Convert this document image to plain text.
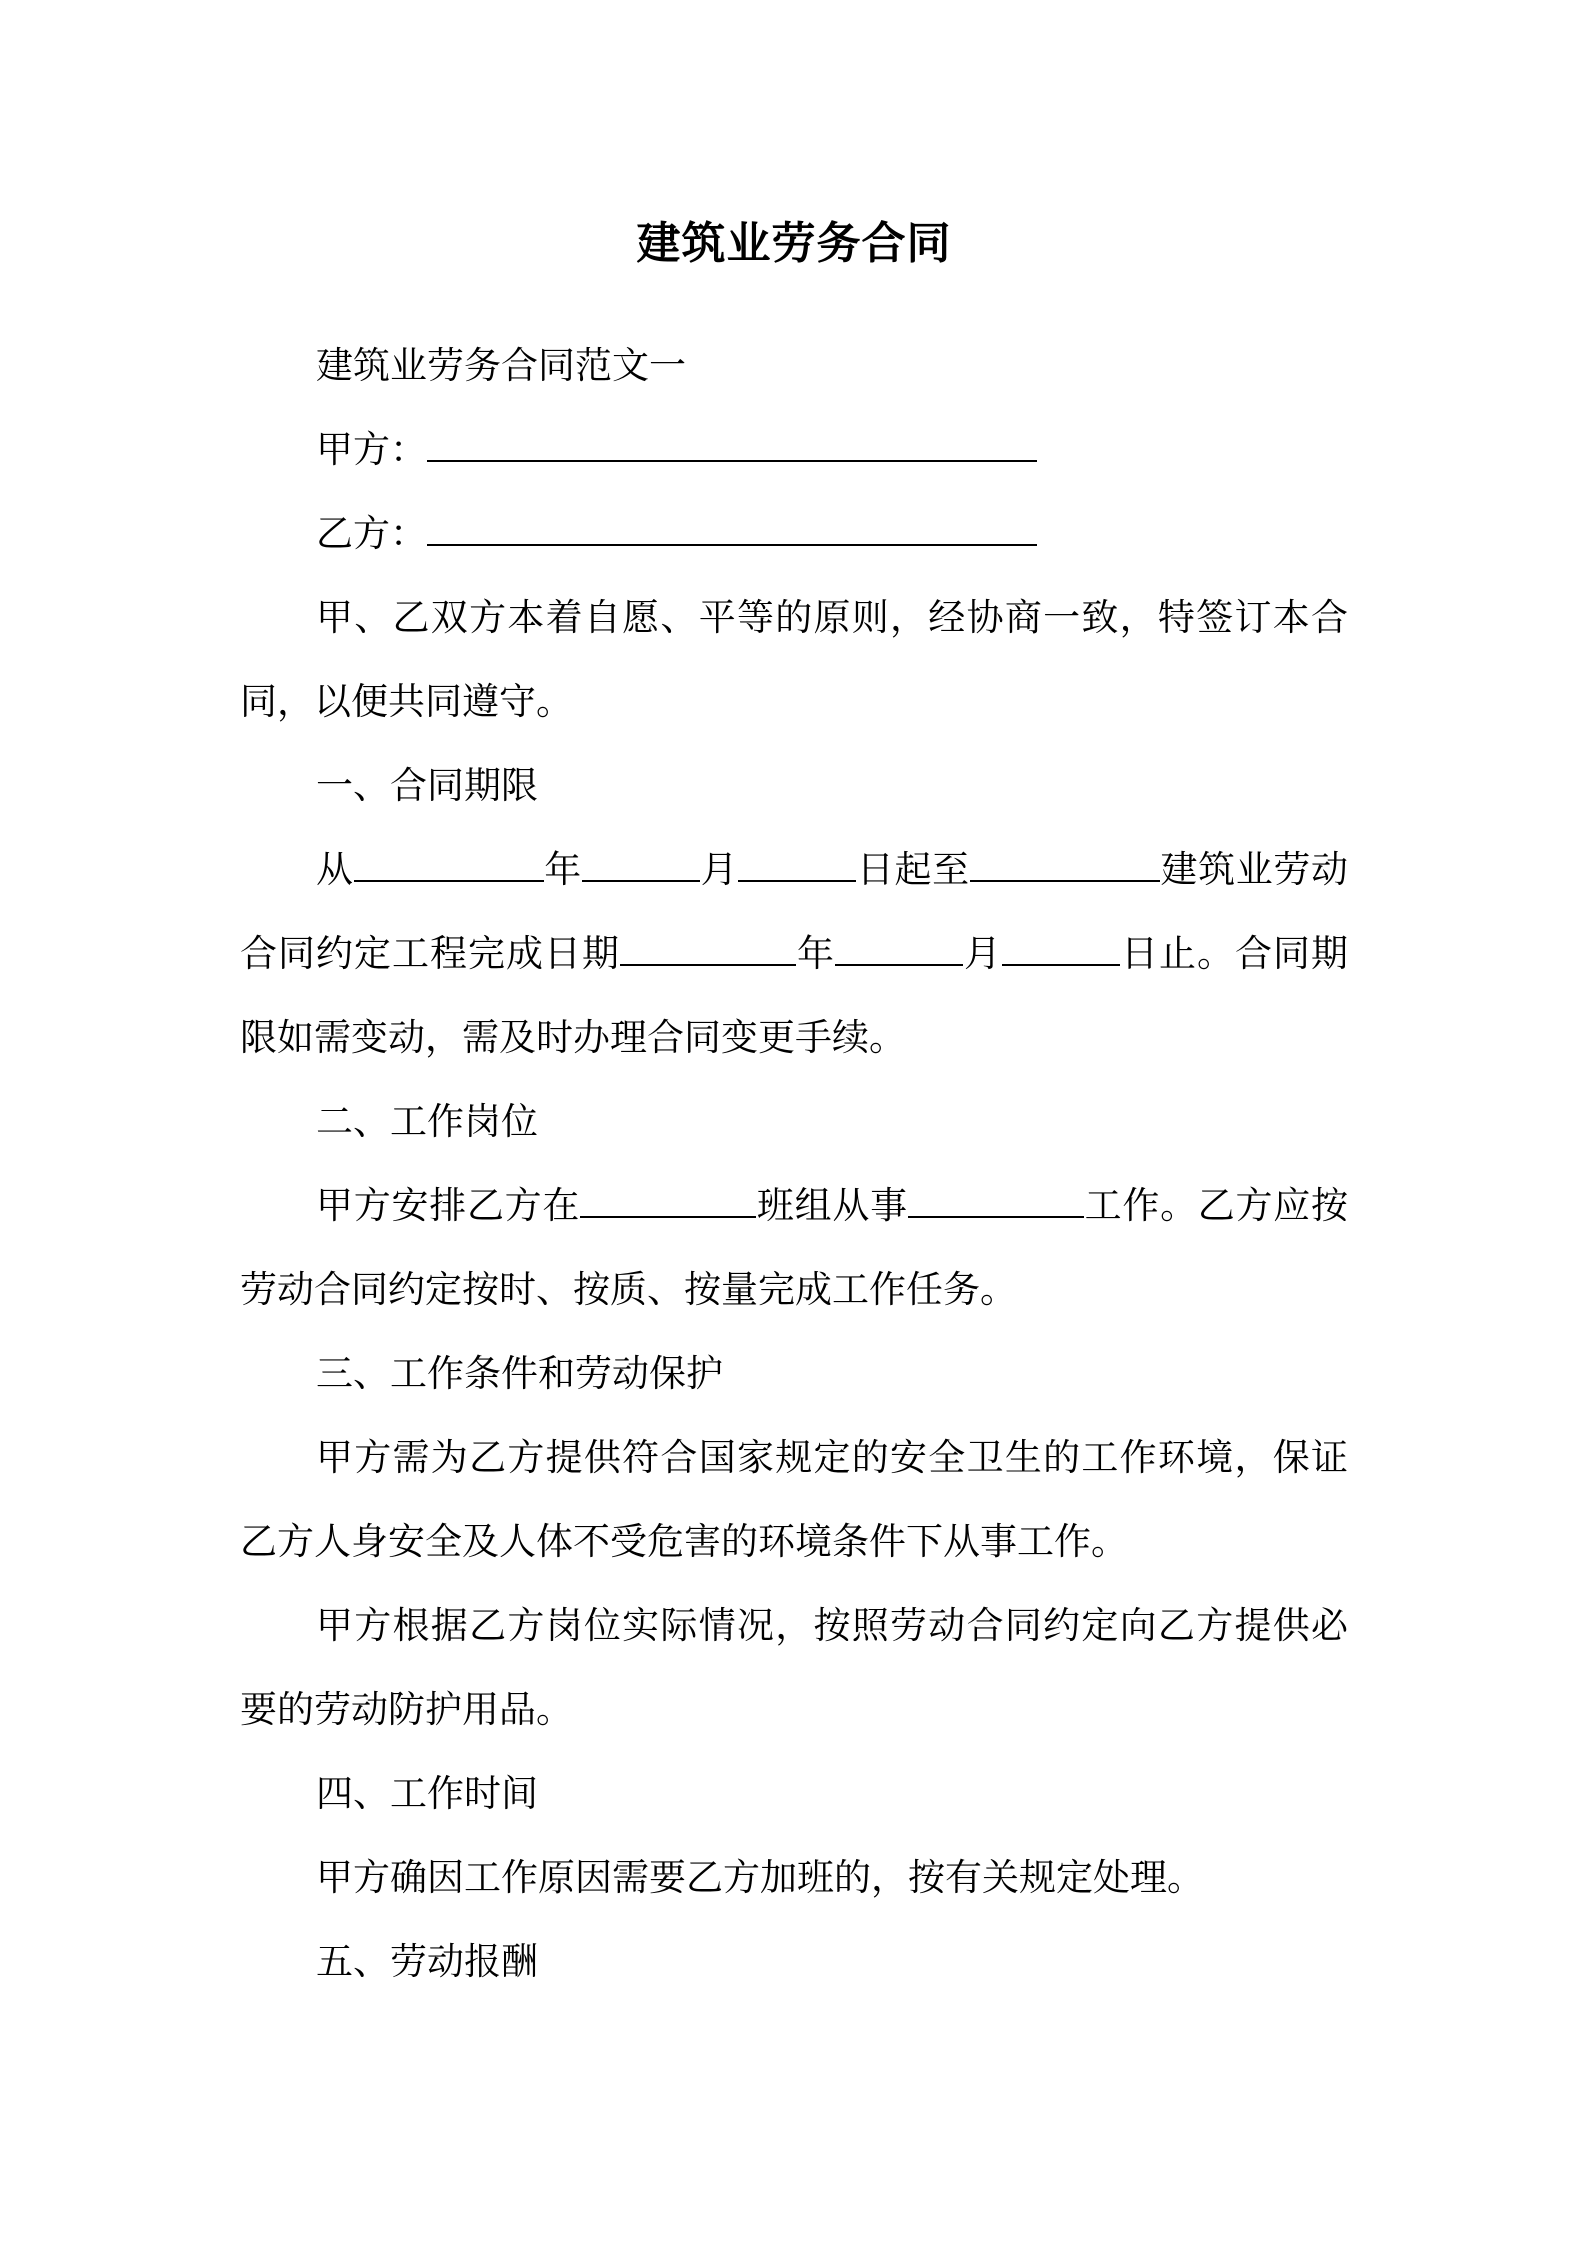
建筑业劳务合同

建筑业劳务合同范文一

甲方：

乙方：

甲、乙双方本着自愿、平等的原则，经协商一致，特签订本合同，以便共同遵守。

一、合同期限

从	年	月	日起至	建筑业劳动合同约定工程完成日期	年	月	日止。合同期限如需变动，需及时办理合同变更手续。

二、工作岗位

甲方安排乙方在	班组从事	工作。乙方应按劳动合同约定按时、按质、按量完成工作任务。

三、工作条件和劳动保护

甲方需为乙方提供符合国家规定的安全卫生的工作环境，保证乙方人身安全及人体不受危害的环境条件下从事工作。

甲方根据乙方岗位实际情况，按照劳动合同约定向乙方提供必要的劳动防护用品。

四、工作时间

甲方确因工作原因需要乙方加班的，按有关规定处理。

五、劳动报酬
